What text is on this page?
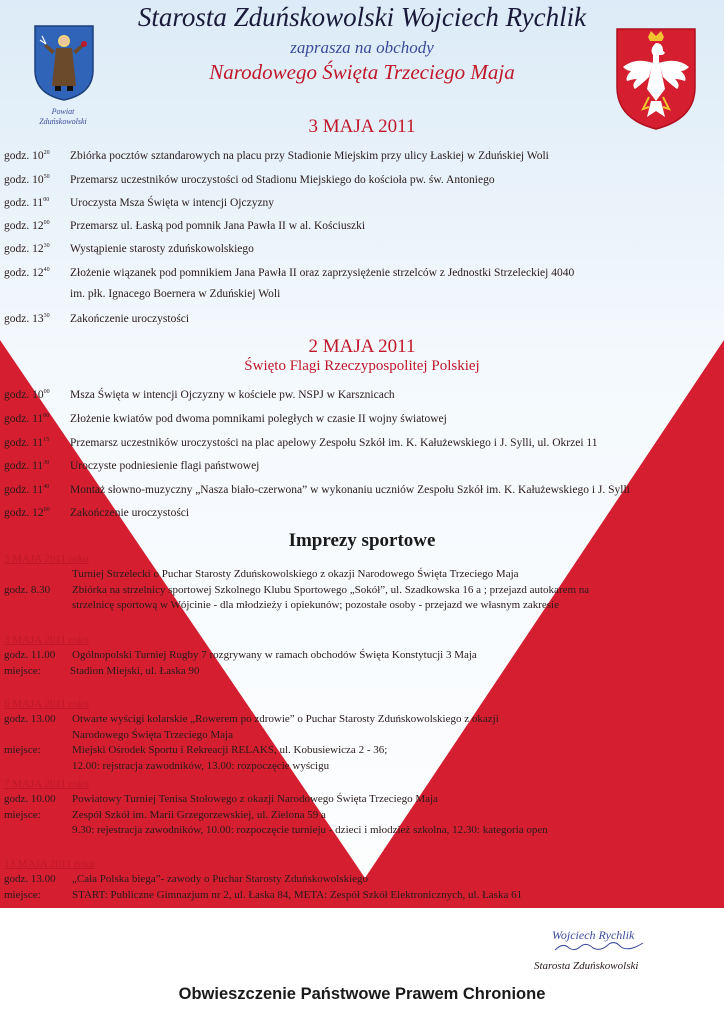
Powiat
Zduńskowolski
Starosta Zduńskowolski Wojciech Rychlik
zaprasza na obchody
Narodowego Święta Trzeciego Maja
3 MAJA 2011
godz. $10^{20}$ Zbiórka pocztów sztandarowych na placu przy Stadionie Miejskim przy ulicy Łaskiej w Zduńskiej Woli
godz. $10^{50}$ Przemarsz uczestników uroczystości od Stadionu Miejskiego do kościoła pw. św. Antoniego
godz. $11^{00}$ Uroczysta Msza Święta w intencji Ojczyzny
godz. $12^{00}$ Przemarsz ul. Łaską pod pomnik Jana Pawła II w al. Kościuszki
godz. $12^{30}$ Wystąpienie starosty zduńskowolskiego
godz. $12^{40}$ Złożenie wiązanek pod pomnikiem Jana Pawła II oraz zaprzysiężenie strzelców z Jednostki Strzeleckiej 4040
im. płk. Ignacego Boernera w Zduńskiej Woli
godz. $13^{30}$ Zakończenie uroczystości
2 MAJA 2011
Święto Flagi Rzeczypospolitej Polskiej
godz. $10^{00}$ Msza Święta w intencji Ojczyzny w kościele pw. NSPJ w Karsznicach
godz. $11^{00}$ Złożenie kwiatów pod dwoma pomnikami poległych w czasie II wojny światowej
godz. $11^{15}$ Przemarsz uczestników uroczystości na plac apelowy Zespołu Szkół im. K. Kałużewskiego i J. Sylli, ul. Okrzei 11
godz. $11^{30}$ Uroczyste podniesienie flagi państwowej
godz. $11^{40}$ Montaż słowno-muzyczny „Nasza biało-czerwona” w wykonaniu uczniów Zespołu Szkół im. K. Kałużewskiego i J. Sylli
godz. $12^{00}$ Zakończenie uroczystości
Imprezy sportowe
3 MAJA 2011 roku
Turniej Strzelecki o Puchar Starosty Zduńskowolskiego z okazji Narodowego Święta Trzeciego Maja
godz. 8.30 Zbiórka na strzelnicy sportowej Szkolnego Klubu Sportowego „Sokół”, ul. Szadkowska 16 a ; przejazd autokarem na
strzelnicę sportową w Wójcinie - dla młodzieży i opiekunów; pozostałe osoby - przejazd we własnym zakresie
3 MAJA 2011 roku
godz. 11.00 Ogólnopolski Turniej Rugby 7 rozgrywany w ramach obchodów Święta Konstytucji 3 Maja
miejsce:	Stadion Miejski, ul. Łaska 90
6 MAJA 2011 roku
godz. 13.00 Otwarte wyścigi kolarskie „Rowerem po zdrowie” o Puchar Starosty Zduńskowolskiego z okazji
Narodowego Święta Trzeciego Maja
miejsce:	Miejski Ośrodek Sportu i Rekreacji RELAKS, ul. Kobusiewicza 2 - 36;
12.00: rejstracja zawodników, 13.00: rozpoczęcie wyścigu
7 MAJA 2011 roku
godz. 10.00 Powiatowy Turniej Tenisa Stołowego z okazji Narodowego Święta Trzeciego Maja
miejsce:	Zespół Szkół im. Marii Grzegorzewskiej, ul. Zielona 59 a
9.30: rejestracja zawodników, 10.00: rozpoczęcie turnieju - dzieci i młodzież szkolna, 12.30: kategoria open
13 MAJA 2011 roku
godz. 13.00 „Cała Polska biega”- zawody o Puchar Starosty Zduńskowolskiego
miejsce:	START: Publiczne Gimnazjum nr 2, ul. Łaska 84, META: Zespół Szkół Elektronicznych, ul. Łaska 61
Wojciech Rychlik
Starosta Zduńskowolski
Obwieszczenie Państwowe Prawem Chronione
